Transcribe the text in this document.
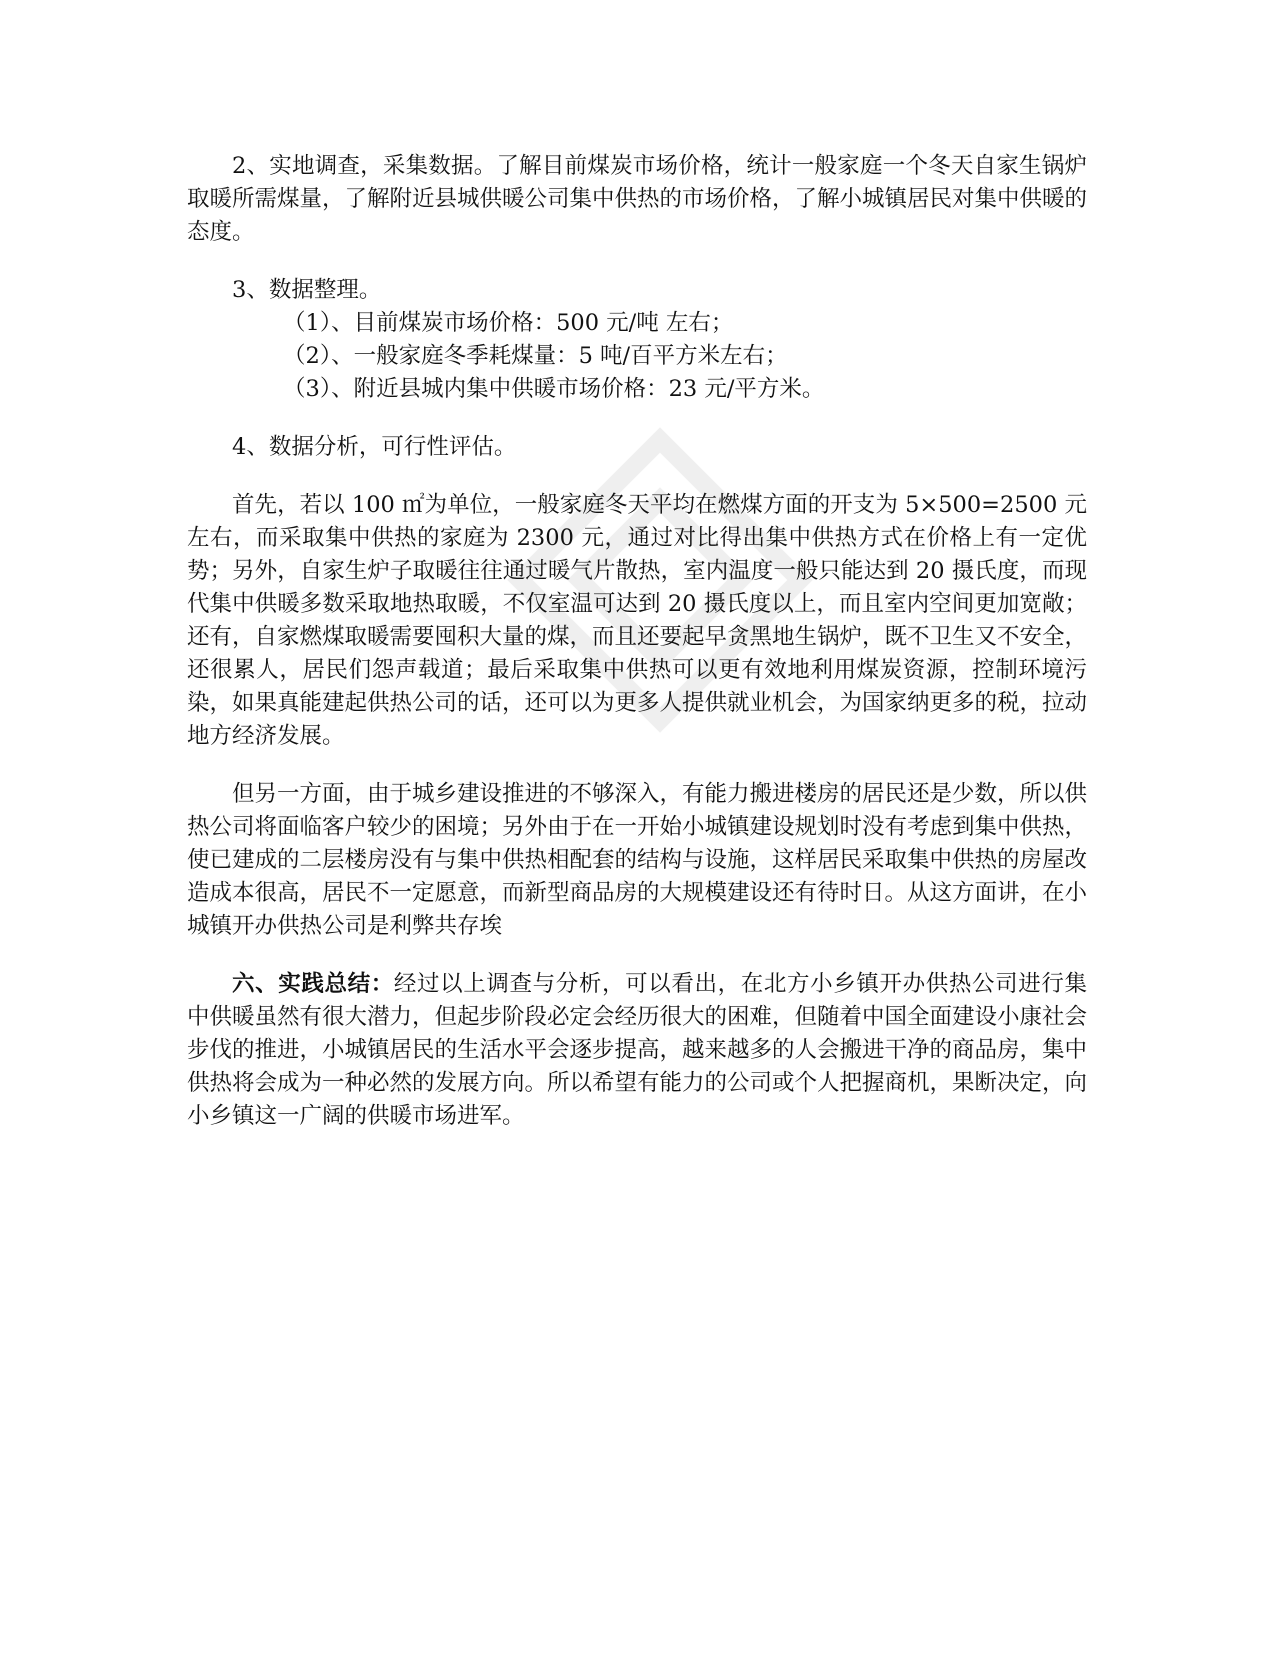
2、实地调查，采集数据。了解目前煤炭市场价格，统计一般家庭一个冬天自家生锅炉取暖所需煤量，了解附近县城供暖公司集中供热的市场价格，了解小城镇居民对集中供暖的态度。

3、数据整理。

（1）、目前煤炭市场价格：500 元/吨 左右；

（2）、一般家庭冬季耗煤量：5 吨/百平方米左右；

（3）、附近县城内集中供暖市场价格：23 元/平方米。

4、数据分析，可行性评估。

首先，若以 100 ㎡为单位，一般家庭冬天平均在燃煤方面的开支为 5×500=2500 元左右，而采取集中供热的家庭为 2300 元，通过对比得出集中供热方式在价格上有一定优势；另外，自家生炉子取暖往往通过暖气片散热，室内温度一般只能达到 20 摄氏度，而现代集中供暖多数采取地热取暖，不仅室温可达到 20 摄氏度以上，而且室内空间更加宽敞；还有，自家燃煤取暖需要囤积大量的煤，而且还要起早贪黑地生锅炉，既不卫生又不安全，还很累人，居民们怨声载道；最后采取集中供热可以更有效地利用煤炭资源，控制环境污染，如果真能建起供热公司的话，还可以为更多人提供就业机会，为国家纳更多的税，拉动地方经济发展。

但另一方面，由于城乡建设推进的不够深入，有能力搬进楼房的居民还是少数，所以供热公司将面临客户较少的困境；另外由于在一开始小城镇建设规划时没有考虑到集中供热，使已建成的二层楼房没有与集中供热相配套的结构与设施，这样居民采取集中供热的房屋改造成本很高，居民不一定愿意，而新型商品房的大规模建设还有待时日。从这方面讲，在小城镇开办供热公司是利弊共存埃

六、实践总结：经过以上调查与分析，可以看出，在北方小乡镇开办供热公司进行集中供暖虽然有很大潜力，但起步阶段必定会经历很大的困难，但随着中国全面建设小康社会步伐的推进，小城镇居民的生活水平会逐步提高，越来越多的人会搬进干净的商品房，集中供热将会成为一种必然的发展方向。所以希望有能力的公司或个人把握商机，果断决定，向小乡镇这一广阔的供暖市场进军。
